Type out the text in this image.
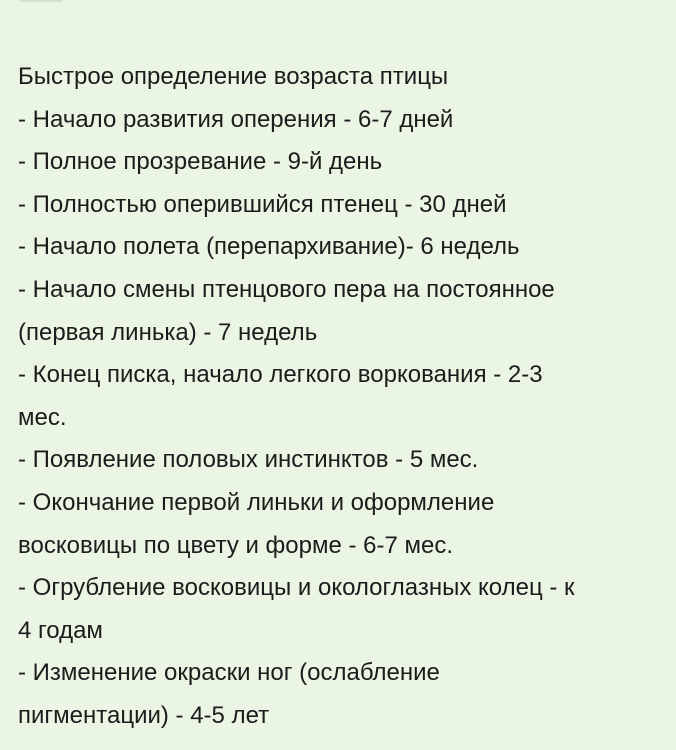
Быстрое определение возраста птицы
- Начало развития оперения - 6-7 дней
- Полное прозревание - 9-й день
- Полностью оперившийся птенец - 30 дней
- Начало полета (перепархивание)- 6 недель
- Начало смены птенцового пера на постоянное
(первая линька) - 7 недель
- Конец писка, начало легкого воркования - 2-3
мес.
- Появление половых инстинктов - 5 мес.
- Окончание первой линьки и оформление
восковицы по цвету и форме - 6-7 мес.
- Огрубление восковицы и окологлазных колец - к
4 годам
- Изменение окраски ног (ослабление
пигментации) - 4-5 лет
